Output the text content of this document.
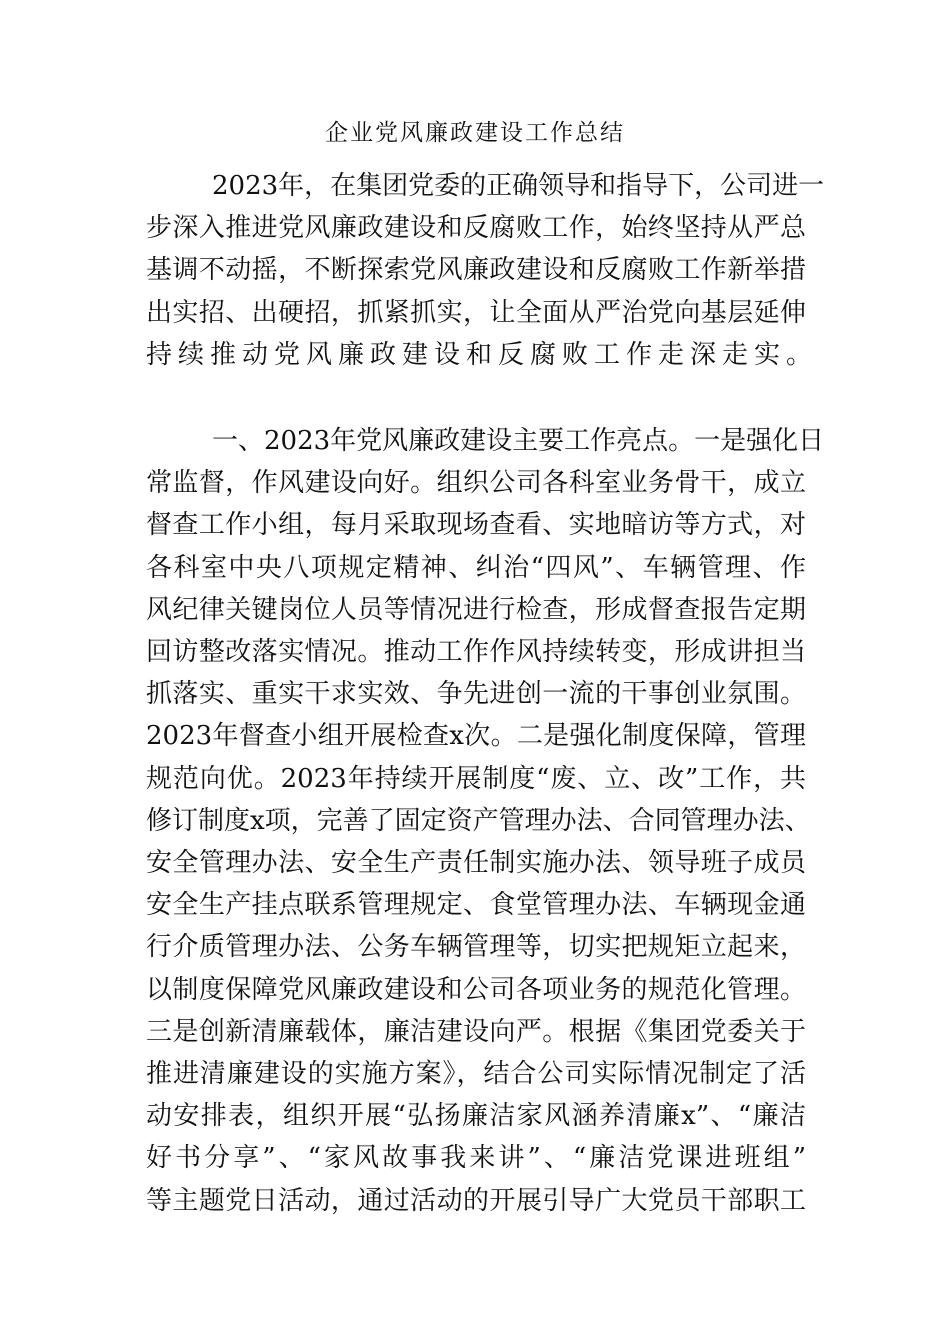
企业党风廉政建设工作总结
2023年，在集团党委的正确领导和指导下，公司进一
步深入推进党风廉政建设和反腐败工作，始终坚持从严总
基调不动摇，不断探索党风廉政建设和反腐败工作新举措
出实招、出硬招，抓紧抓实，让全面从严治党向基层延伸
持续推动党风廉政建设和反腐败工作走深走实。
一、2023年党风廉政建设主要工作亮点。一是强化日
常监督，作风建设向好。组织公司各科室业务骨干，成立
督查工作小组，每月采取现场查看、实地暗访等方式，对
各科室中央八项规定精神、纠治“四风”、车辆管理、作
风纪律关键岗位人员等情况进行检查，形成督查报告定期
回访整改落实情况。推动工作作风持续转变，形成讲担当
抓落实、重实干求实效、争先进创一流的干事创业氛围。
2023年督查小组开展检查x次。二是强化制度保障，管理
规范向优。2023年持续开展制度“废、立、改”工作，共
修订制度x项，完善了固定资产管理办法、合同管理办法、
安全管理办法、安全生产责任制实施办法、领导班子成员
安全生产挂点联系管理规定、食堂管理办法、车辆现金通
行介质管理办法、公务车辆管理等，切实把规矩立起来，
以制度保障党风廉政建设和公司各项业务的规范化管理。
三是创新清廉载体，廉洁建设向严。根据《集团党委关于
推进清廉建设的实施方案》，结合公司实际情况制定了活
动安排表，组织开展“弘扬廉洁家风涵养清廉x”、“廉洁
好书分享”、“家风故事我来讲”、“廉洁党课进班组”
等主题党日活动，通过活动的开展引导广大党员干部职工
